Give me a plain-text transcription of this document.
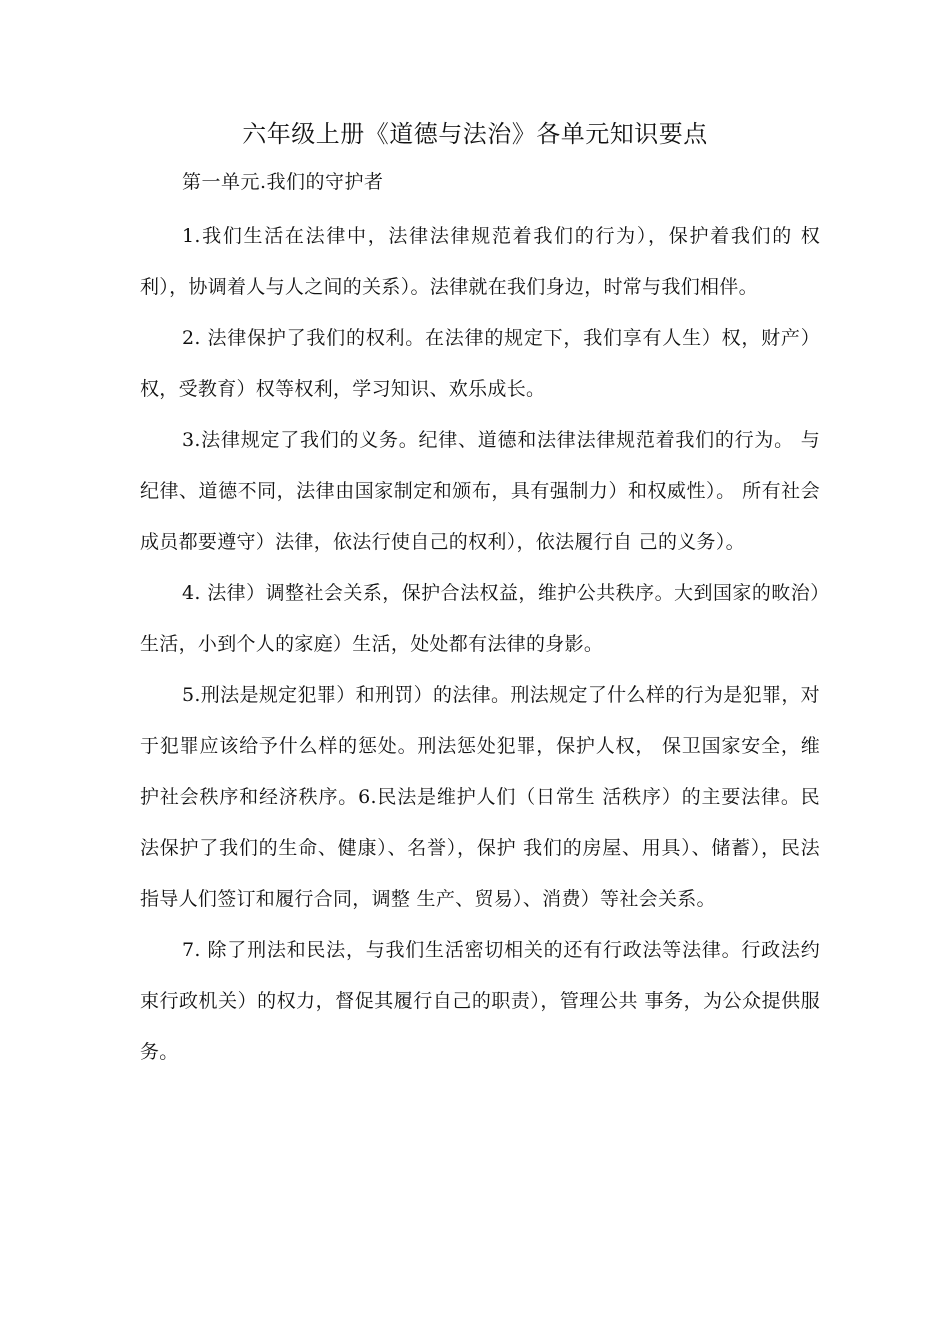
六年级上册《道德与法治》各单元知识要点
第一单元.我们的守护者

1.我们生活在法律中，法律法律规范着我们的行为），保护着我们的 权利），协调着人与人之间的关系）。法律就在我们身边，时常与我们相伴。

2. 法律保护了我们的权利。在法律的规定下，我们享有人生）权，财产）权，受教育）权等权利，学习知识、欢乐成长。

3.法律规定了我们的义务。纪律、道德和法律法律规范着我们的行为。 与纪律、道德不同，法律由国家制定和颁布，具有强制力）和权威性）。 所有社会成员都要遵守）法律，依法行使自己的权利），依法履行自 己的义务）。

4. 法律）调整社会关系，保护合法权益，维护公共秩序。大到国家的畋治）生活，小到个人的家庭）生活，处处都有法律的身影。

5.刑法是规定犯罪）和刑罚）的法律。刑法规定了什么样的行为是犯罪，对于犯罪应该给予什么样的惩处。刑法惩处犯罪，保护人权， 保卫国家安全，维护社会秩序和经济秩序。6.民法是维护人们（日常生 活秩序）的主要法律。民法保护了我们的生命、健康）、名誉），保护 我们的房屋、用具）、储蓄），民法指导人们签订和履行合同，调整 生产、贸易）、消费）等社会关系。

7. 除了刑法和民法，与我们生活密切相关的还有行政法等法律。行政法约束行政机关）的权力，督促其履行自己的职责），管理公共 事务，为公众提供服务。
